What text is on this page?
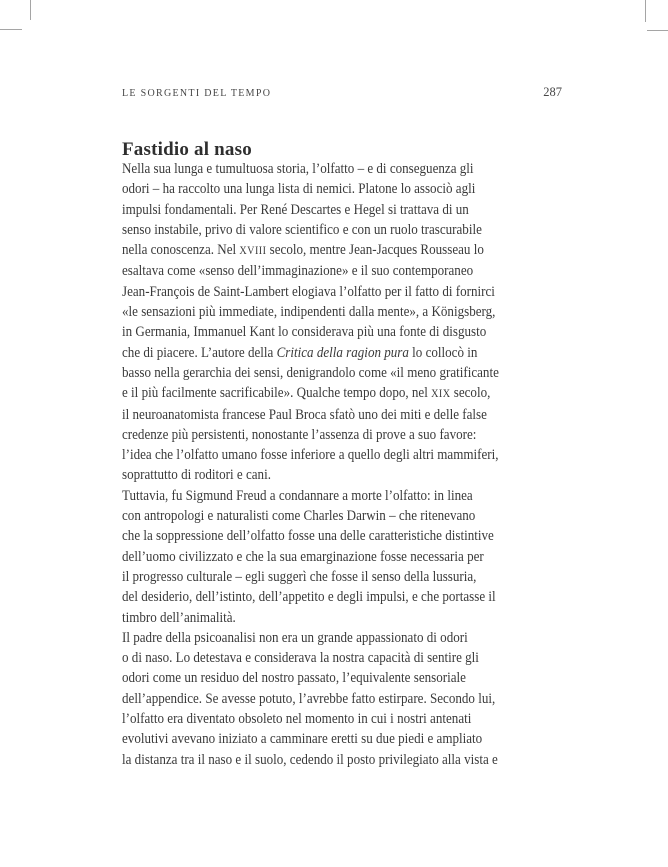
LE SORGENTI DEL TEMPO	287
Fastidio al naso
Nella sua lunga e tumultuosa storia, l’olfatto – e di conseguenza gli
odori – ha raccolto una lunga lista di nemici. Platone lo associò agli
impulsi fondamentali. Per René Descartes e Hegel si trattava di un
senso instabile, privo di valore scientifico e con un ruolo trascurabile
nella conoscenza. Nel XVIII secolo, mentre Jean-Jacques Rousseau lo
esaltava come «senso dell’immaginazione» e il suo contemporaneo
Jean-François de Saint-Lambert elogiava l’olfatto per il fatto di fornirci
«le sensazioni più immediate, indipendenti dalla mente», a Königsberg,
in Germania, Immanuel Kant lo considerava più una fonte di disgusto
che di piacere. L’autore della Critica della ragion pura lo collocò in
basso nella gerarchia dei sensi, denigrandolo come «il meno gratificante
e il più facilmente sacrificabile». Qualche tempo dopo, nel XIX secolo,
il neuroanatomista francese Paul Broca sfatò uno dei miti e delle false
credenze più persistenti, nonostante l’assenza di prove a suo favore:
l’idea che l’olfatto umano fosse inferiore a quello degli altri mammiferi,
soprattutto di roditori e cani.
Tuttavia, fu Sigmund Freud a condannare a morte l’olfatto: in linea
con antropologi e naturalisti come Charles Darwin – che ritenevano
che la soppressione dell’olfatto fosse una delle caratteristiche distintive
dell’uomo civilizzato e che la sua emarginazione fosse necessaria per
il progresso culturale – egli suggerì che fosse il senso della lussuria,
del desiderio, dell’istinto, dell’appetito e degli impulsi, e che portasse il
timbro dell’animalità.
Il padre della psicoanalisi non era un grande appassionato di odori
o di naso. Lo detestava e considerava la nostra capacità di sentire gli
odori come un residuo del nostro passato, l’equivalente sensoriale
dell’appendice. Se avesse potuto, l’avrebbe fatto estirpare. Secondo lui,
l’olfatto era diventato obsoleto nel momento in cui i nostri antenati
evolutivi avevano iniziato a camminare eretti su due piedi e ampliato
la distanza tra il naso e il suolo, cedendo il posto privilegiato alla vista e
